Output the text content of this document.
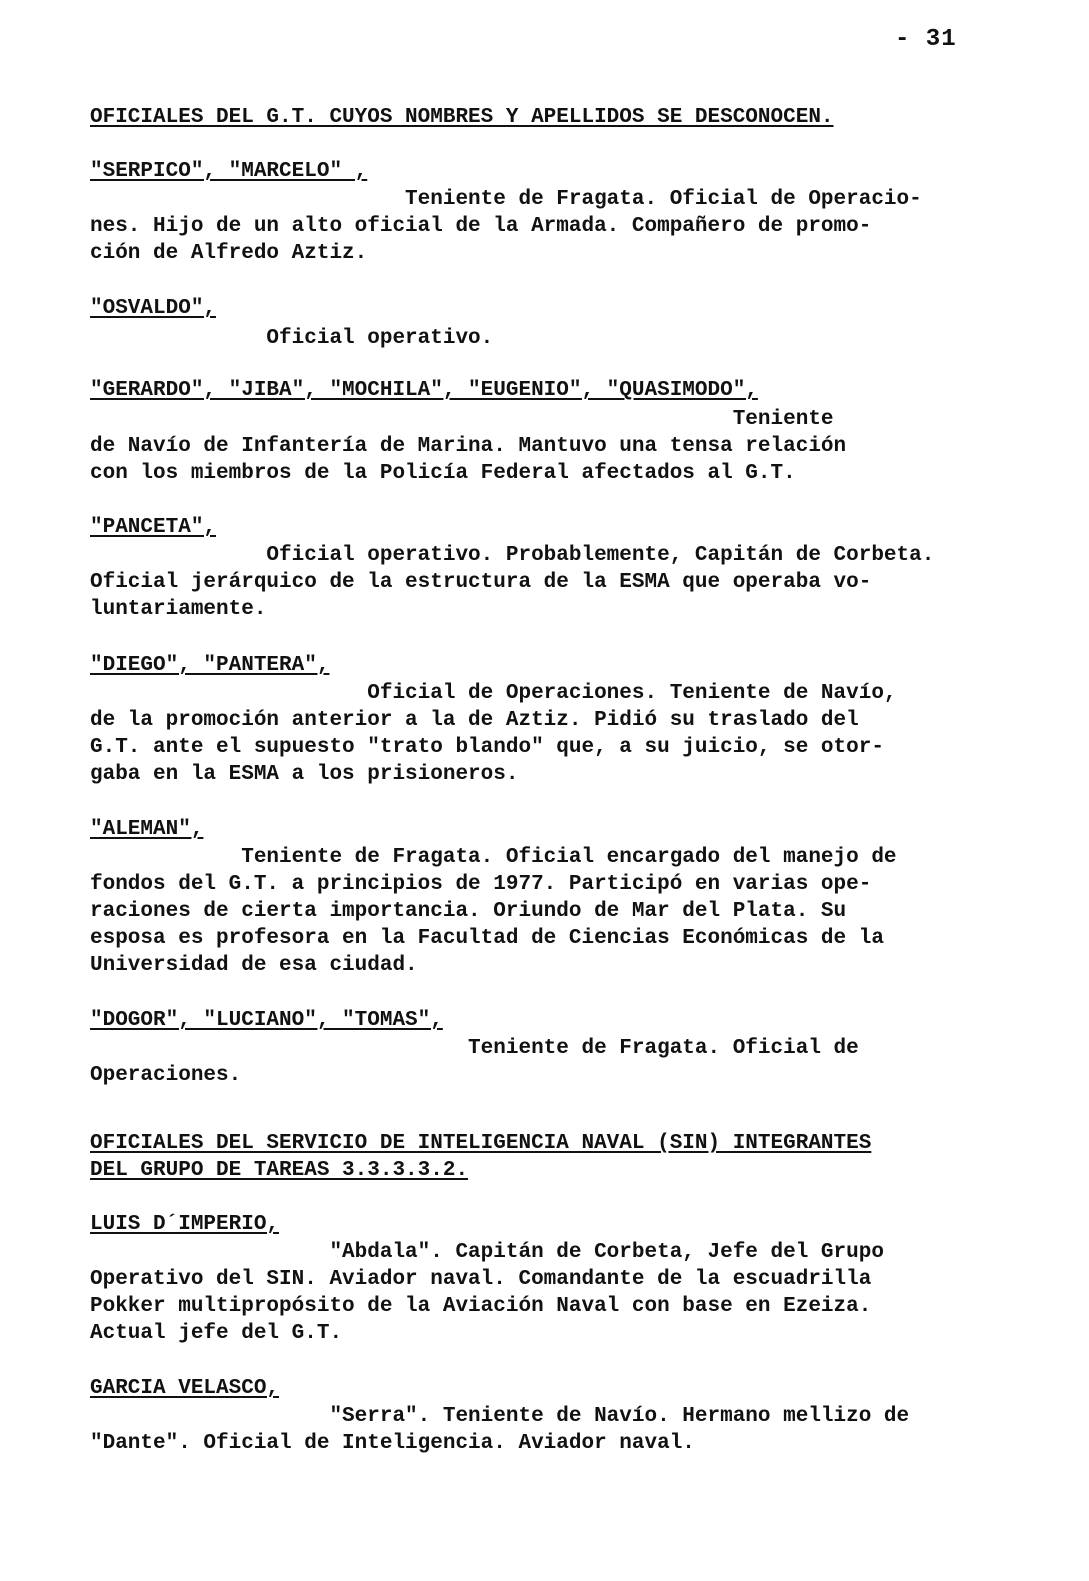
- 31

OFICIALES DEL G.T. CUYOS NOMBRES Y APELLIDOS SE DESCONOCEN.

"SERPICO", "MARCELO" ,

Teniente de Fragata. Oficial de Operacio-
nes. Hijo de un alto oficial de la Armada. Compañero de promo-
ción de Alfredo Aztiz.

"OSVALDO",

Oficial operativo.

"GERARDO", "JIBA", "MOCHILA", "EUGENIO", "QUASIMODO",

Teniente
de Navío de Infantería de Marina. Mantuvo una tensa relación
con los miembros de la Policía Federal afectados al G.T.

"PANCETA",

Oficial operativo. Probablemente, Capitán de Corbeta.
Oficial jerárquico de la estructura de la ESMA que operaba vo-
luntariamente.

"DIEGO", "PANTERA",

Oficial de Operaciones. Teniente de Navío,
de la promoción anterior a la de Aztiz. Pidió su traslado del
G.T. ante el supuesto "trato blando" que, a su juicio, se otor-
gaba en la ESMA a los prisioneros.

"ALEMAN",

Teniente de Fragata. Oficial encargado del manejo de
fondos del G.T. a principios de 1977. Participó en varias ope-
raciones de cierta importancia. Oriundo de Mar del Plata. Su
esposa es profesora en la Facultad de Ciencias Económicas de la
Universidad de esa ciudad.

"DOGOR", "LUCIANO", "TOMAS",

Teniente de Fragata. Oficial de
Operaciones.

OFICIALES DEL SERVICIO DE INTELIGENCIA NAVAL (SIN) INTEGRANTES

DEL GRUPO DE TAREAS 3.3.3.3.2.

LUIS D´IMPERIO,

"Abdala". Capitán de Corbeta, Jefe del Grupo
Operativo del SIN. Aviador naval. Comandante de la escuadrilla
Pokker multipropósito de la Aviación Naval con base en Ezeiza.
Actual jefe del G.T.

GARCIA VELASCO,

"Serra". Teniente de Navío. Hermano mellizo de
"Dante". Oficial de Inteligencia. Aviador naval.
